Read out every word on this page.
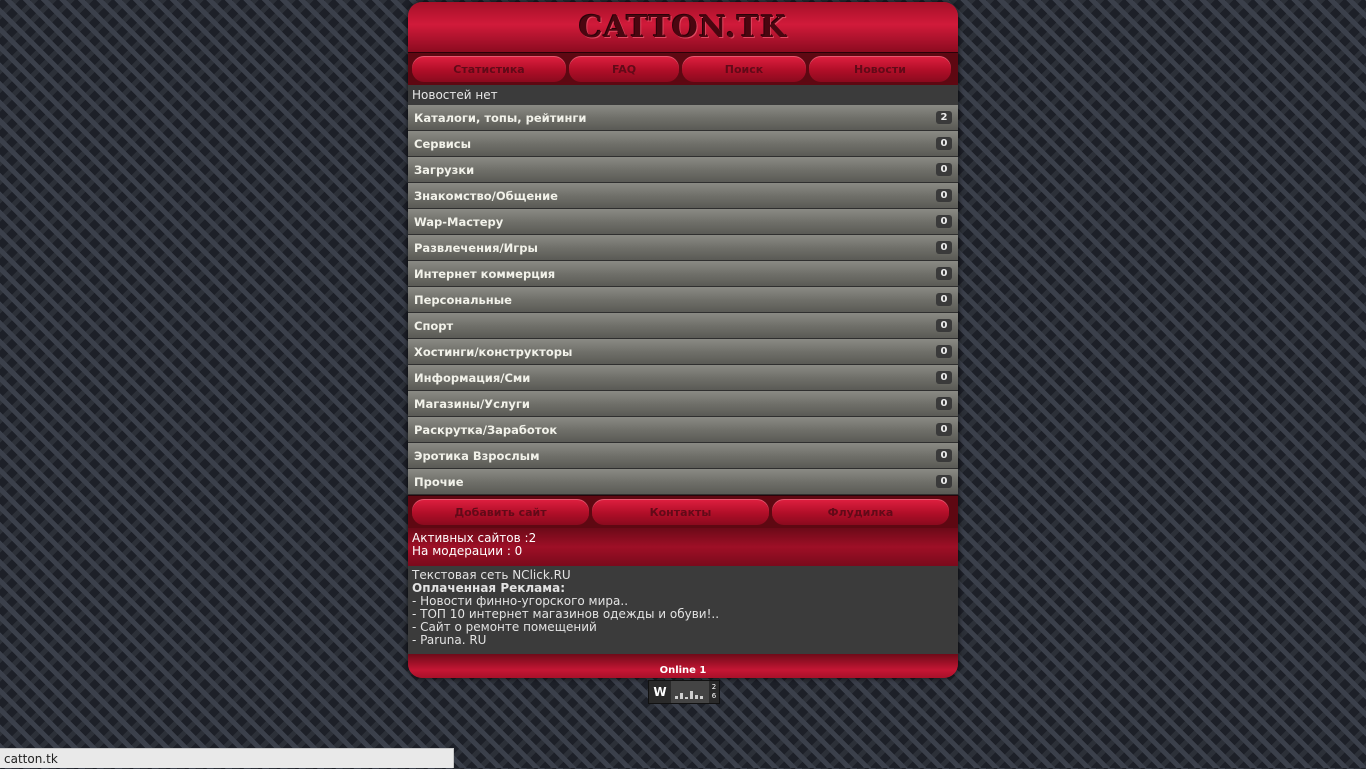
CATTON.TK
Статистика	FAQ	Поиск	Новости
Новостей нет
Каталоги, топы, рейтинги	2
Сервисы	0
Загрузки	0
Знакомство/Общение	0
Wap-Мастеру	0
Развлечения/Игры	0
Интернет коммерция	0
Персональные	0
Спорт	0
Хостинги/конструкторы	0
Информация/Сми	0
Магазины/Услуги	0
Раскрутка/Заработок	0
Эротика Взрослым	0
Прочие	0
Добавить сайт	Контакты	Флудилка
Активных сайтов :2
На модерации : 0
Текстовая сеть NClick.RU
Оплаченная Реклама:
- Новости финно-угорского мира..
- ТОП 10 интернет магазинов одежды и обуви!..
- Сайт о ремонте помещений
- Paruna. RU
Online 1
W	2
6
catton.tk
